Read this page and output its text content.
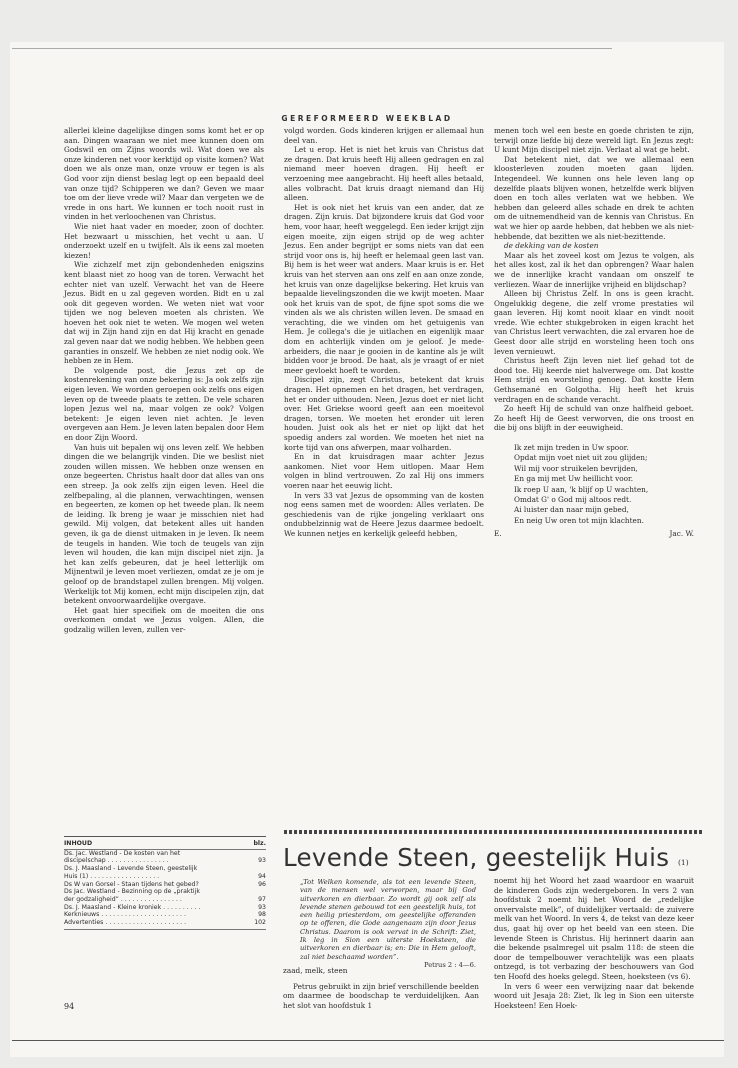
GEREFORMEERD WEEKBLAD

allerlei kleine dagelijkse dingen soms komt het er op aan. Dingen waaraan we niet mee kunnen doen om Godswil en om Zijns woords wil. Wat doen we als onze kinderen net voor kerktijd op visite komen? Wat doen we als onze man, onze vrouw er tegen is als God voor zijn dienst beslag legt op een bepaald deel van onze tijd? Schipperen we dan? Geven we maar toe om der lieve vrede wil? Maar dan vergeten we de vrede in ons hart. We kunnen er toch nooit rust in vinden in het verloochenen van Christus.

Wie niet haat vader en moeder, zoon of dochter. Het bezwaart u misschien, het vecht u aan. U onderzoekt uzelf en u twijfelt. Als ik eens zal moeten kiezen!

Wie zichzelf met zijn gebondenheden enigszins kent blaast niet zo hoog van de toren. Verwacht het echter niet van uzelf. Verwacht het van de Heere Jezus. Bidt en u zal gegeven worden. Bidt en u zal ook dit gegeven worden. We weten niet wat voor tijden we nog beleven moeten als christen. We hoeven het ook niet te weten. We mogen wel weten dat wij in Zijn hand zijn en dat Hij kracht en genade zal geven naar dat we nodig hebben. We hebben geen garanties in onszelf. We hebben ze niet nodig ook. We hebben ze in Hem.

De volgende post, die Jezus zet op de kostenrekening van onze bekering is: Ja ook zelfs zijn eigen leven. We worden geroepen ook zelfs ons eigen leven op de tweede plaats te zetten. De vele scharen lopen Jezus wel na, maar volgen ze ook? Volgen betekent: Je eigen leven niet achten. Je leven overgeven aan Hem. Je leven laten bepalen door Hem en door Zijn Woord.

Van huis uit bepalen wij ons leven zelf. We hebben dingen die we belangrijk vinden. Die we beslist niet zouden willen missen. We hebben onze wensen en onze begeerten. Christus haalt door dat alles van ons een streep. Ja ook zelfs zijn eigen leven. Heel die zelfbepaling, al die plannen, verwachtingen, wensen en begeerten, ze komen op het tweede plan. Ik neem de leiding. Ik breng je waar je misschien niet had gewild. Mij volgen, dat betekent alles uit handen geven, ik ga de dienst uitmaken in je leven. Ik neem de teugels in handen. Wie toch de teugels van zijn leven wil houden, die kan mijn discipel niet zijn. Ja het kan zelfs gebeuren, dat je heel letterlijk om Mijnentwil je leven moet verliezen, omdat ze je om je geloof op de brandstapel zullen brengen. Mij volgen. Werkelijk tot Mij komen, echt mijn discipelen zijn, dat betekent onvoorwaardelijke overgave.

Het gaat hier specifiek om de moeiten die ons overkomen omdat we Jezus volgen. Allen, die godzalig willen leven, zullen ver-

volgd worden. Gods kinderen krijgen er allemaal hun deel van.

Let u erop. Het is niet het kruis van Christus dat ze dragen. Dat kruis heeft Hij alleen gedragen en zal niemand meer hoeven dragen. Hij heeft er verzoening mee aangebracht. Hij heeft alles betaald, alles volbracht. Dat kruis draagt niemand dan Hij alleen.

Het is ook niet het kruis van een ander, dat ze dragen. Zijn kruis. Dat bijzondere kruis dat God voor hem, voor haar, heeft weggelegd. Een ieder krijgt zijn eigen moeite, zijn eigen strijd op de weg achter Jezus. Een ander begrijpt er soms niets van dat een strijd voor ons is, hij heeft er helemaal geen last van. Bij hem is het weer wat anders. Maar kruis is er. Het kruis van het sterven aan ons zelf en aan onze zonde, het kruis van onze dagelijkse bekering. Het kruis van bepaalde lievelingszonden die we kwijt moeten. Maar ook het kruis van de spot, de fijne spot soms die we vinden als we als christen willen leven. De smaad en verachting, die we vinden om het getuigenis van Hem. Je collega's die je uitlachen en eigenlijk maar dom en achterlijk vinden om je geloof. Je mede-arbeiders, die naar je gooien in de kantine als je wilt bidden voor je brood. De haat, als je vraagt of er niet meer gevloekt hoeft te worden.

Discipel zijn, zegt Christus, betekent dat kruis dragen. Het opnemen en het dragen, het verdragen, het er onder uithouden. Neen, Jezus doet er niet licht over. Het Griekse woord geeft aan een moeitevol dragen, torsen. We moeten het eronder uit leren houden. Juist ook als het er niet op lijkt dat het spoedig anders zal worden. We moeten het niet na korte tijd van ons afwerpen, maar volharden.

En in dat kruisdragen maar achter Jezus aankomen. Niet voor Hem uitlopen. Maar Hem volgen in blind vertrouwen. Zo zal Hij ons immers voeren naar het eeuwig licht.

In vers 33 vat Jezus de opsomming van de kosten nog eens samen met de woorden: Alles verlaten. De geschiedenis van de rijke jongeling verklaart ons ondubbelzinnig wat de Heere Jezus daarmee bedoelt. We kunnen netjes en kerkelijk geleefd hebben,

menen toch wel een beste en goede christen te zijn, terwijl onze liefde bij deze wereld ligt. En Jezus zegt: U kunt Mijn discipel niet zijn. Verlaat al wat ge hebt.

Dat betekent niet, dat we we allemaal een kloosterleven zouden moeten gaan lijden. Integendeel. We kunnen ons hele leven lang op dezelfde plaats blijven wonen, hetzelfde werk blijven doen en toch alles verlaten wat we hebben. We hebben dan geleerd alles schade en drek te achten om de uitnemendheid van de kennis van Christus. En wat we hier op aarde hebben, dat hebben we als niet-hebbende, dat bezitten we als niet-bezittende.

de dekking van de kosten

Maar als het zoveel kost om Jezus te volgen, als het alles kost, zal ik het dan opbrengen? Waar halen we de innerlijke kracht vandaan om onszelf te verliezen. Waar de innerlijke vrijheid en blijdschap?

Alleen bij Christus Zelf. In ons is geen kracht. Ongelukkig degene, die zelf vrome prestaties wil gaan leveren. Hij komt nooit klaar en vindt nooit vrede. Wie echter stukgebroken in eigen kracht het van Christus leert verwachten, die zal ervaren hoe de Geest door alle strijd en worsteling heen toch ons leven vernieuwt.

Christus heeft Zijn leven niet lief gehad tot de dood toe. Hij keerde niet halverwege om. Dat kostte Hem strijd en worsteling genoeg. Dat kostte Hem Gethsemané en Golgotha. Hij heeft het kruis verdragen en de schande veracht.

Zo heeft Hij de schuld van onze halfheid geboet. Zo heeft Hij de Geest verworven, die ons troost en die bij ons blijft in der eeuwigheid.

Ik zet mijn treden in Uw spoor.
Opdat mijn voet niet uit zou glijden;
Wil mij voor struikelen bevrijden,
En ga mij met Uw heillicht voor.
Ik roep U aan, 'k blijf op U wachten,
Omdat G' o God mij altoos redt.
Ai luister dan naar mijn gebed,
En neig Uw oren tot mijn klachten.
E.	Jac. W.
Levende Steen, geestelijk Huis (1)
„Tot Welken komende, als tot een levende Steen, van de mensen wel verworpen, maar bij God uitverkoren en dierbaar. Zo wordt gij ook zelf als levende stenen gebouwd tot een geestelijk huis, tot een heilig priesterdom, om geestelijke offeranden op te offeren, die Gode aangenaam zijn door Jezus Christus. Daarom is ook vervat in de Schrift: Ziet, Ik leg in Sion een uiterste Hoeksteen, die uitverkoren en dierbaar is; en: Die in Hem gelooft, zal niet beschaamd worden”.
Petrus 2 : 4—6.

zaad, melk, steen

Petrus gebruikt in zijn brief verschillende beelden om daarmee de boodschap te verduidelijken. Aan het slot van hoofdstuk 1

noemt hij het Woord het zaad waardoor en waaruit de kinderen Gods zijn wedergeboren. In vers 2 van hoofdstuk 2 noemt hij het Woord de „redelijke onvervalste melk”, of duidelijker vertaald: de zuivere melk van het Woord. In vers 4, de tekst van deze keer dus, gaat hij over op het beeld van een steen. Die levende Steen is Christus. Hij herinnert daarin aan die bekende psalmregel uit psalm 118: de steen die door de tempelbouwer verachtelijk was een plaats ontzegd, is tot verbazing der beschouwers van God ten Hoofd des hoeks gelegd. Steen, hoeksteen (vs 6).

In vers 6 weer een verwijzing naar dat bekende woord uit Jesaja 28: Ziet, Ik leg in Sion een uiterste Hoeksteen! Een Hoek-

INHOUD	blz.
Ds. Jac. Westland - De kosten van het
discipelschap . . . . . . . . . . . . . . . .	93
Ds. J. Maasland - Levende Steen, geestelijk
Huis (1) . . . . . . . . . . . . . . . . . .	94
Ds W van Gorsel - Staan tijdens het gebed?	96
Ds Jac. Westland - Bezinning op de „praktijk
der godzaligheid” . . . . . . . . . . . . . . . .	97
Ds. J. Maasland - Kleine kroniek . . . . . . . . . .	93
Kerknieuws . . . . . . . . . . . . . . . . . . . . . .	98
Advertenties . . . . . . . . . . . . . . . . . . . . .	102
94
